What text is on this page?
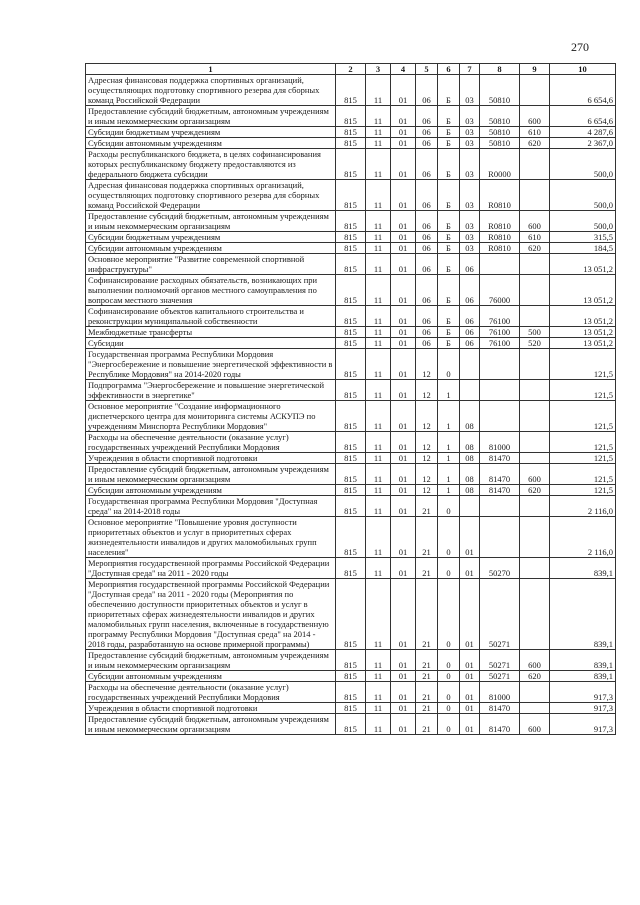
270
1	2	3	4	5	6	7	8	9	10
Адресная финансовая поддержка спортивных организаций, осуществляющих подготовку спортивного резерва для сборных команд Российской Федерации	815	11	01	06	Б	03	50810		6 654,6
Предоставление субсидий бюджетным, автономным учреждениям и иным некоммерческим организациям	815	11	01	06	Б	03	50810	600	6 654,6
Субсидии бюджетным учреждениям	815	11	01	06	Б	03	50810	610	4 287,6
Субсидии автономным учреждениям	815	11	01	06	Б	03	50810	620	2 367,0
Расходы республиканского бюджета, в целях софинансирования которых республиканскому бюджету предоставляются из федерального бюджета субсидии	815	11	01	06	Б	03	R0000		500,0
Адресная финансовая поддержка спортивных организаций, осуществляющих подготовку спортивного резерва для сборных команд Российской Федерации	815	11	01	06	Б	03	R0810		500,0
Предоставление субсидий бюджетным, автономным учреждениям и иным некоммерческим организациям	815	11	01	06	Б	03	R0810	600	500,0
Субсидии бюджетным учреждениям	815	11	01	06	Б	03	R0810	610	315,5
Субсидии автономным учреждениям	815	11	01	06	Б	03	R0810	620	184,5
Основное мероприятие "Развитие современной спортивной инфраструктуры"	815	11	01	06	Б	06			13 051,2
Софинансирование расходных обязательств, возникающих при выполнении полномочий органов местного самоуправления по вопросам местного значения	815	11	01	06	Б	06	76000		13 051,2
Софинансирование объектов капитального строительства и реконструкции муниципальной собственности	815	11	01	06	Б	06	76100		13 051,2
Межбюджетные трансферты	815	11	01	06	Б	06	76100	500	13 051,2
Субсидии	815	11	01	06	Б	06	76100	520	13 051,2
Государственная программа Республики Мордовия "Энергосбережение и повышение энергетической эффективности в Республике Мордовия" на 2014-2020 годы	815	11	01	12	0				121,5
Подпрограмма "Энергосбережение и повышение энергетической эффективности в энергетике"	815	11	01	12	1				121,5
Основное мероприятие "Создание информационного диспетчерского центра для мониторинга системы АСКУПЭ по учреждениям Минспорта Республики Мордовия"	815	11	01	12	1	08			121,5
Расходы на обеспечение деятельности (оказание услуг) государственных учреждений Республики Мордовия	815	11	01	12	1	08	81000		121,5
Учреждения в области спортивной подготовки	815	11	01	12	1	08	81470		121,5
Предоставление субсидий бюджетным, автономным учреждениям и иным некоммерческим организациям	815	11	01	12	1	08	81470	600	121,5
Субсидии автономным учреждениям	815	11	01	12	1	08	81470	620	121,5
Государственная программа Республики Мордовия "Доступная среда" на 2014-2018 годы	815	11	01	21	0				2 116,0
Основное мероприятие "Повышение уровня доступности приоритетных объектов и услуг в приоритетных сферах жизнедеятельности инвалидов и других маломобильных групп населения"	815	11	01	21	0	01			2 116,0
Мероприятия государственной программы Российской Федерации "Доступная среда" на 2011 - 2020 годы	815	11	01	21	0	01	50270		839,1
Мероприятия государственной программы Российской Федерации "Доступная среда" на 2011 - 2020 годы (Мероприятия по обеспечению доступности приоритетных объектов и услуг в приоритетных сферах жизнедеятельности инвалидов и других маломобильных групп населения, включенные в государственную программу Республики Мордовия "Доступная среда" на 2014 - 2018 годы, разработанную на основе примерной программы)	815	11	01	21	0	01	50271		839,1
Предоставление субсидий бюджетным, автономным учреждениям и иным некоммерческим организациям	815	11	01	21	0	01	50271	600	839,1
Субсидии автономным учреждениям	815	11	01	21	0	01	50271	620	839,1
Расходы на обеспечение деятельности (оказание услуг) государственных учреждений Республики Мордовия	815	11	01	21	0	01	81000		917,3
Учреждения в области спортивной подготовки	815	11	01	21	0	01	81470		917,3
Предоставление субсидий бюджетным, автономным учреждениям и иным некоммерческим организациям	815	11	01	21	0	01	81470	600	917,3
